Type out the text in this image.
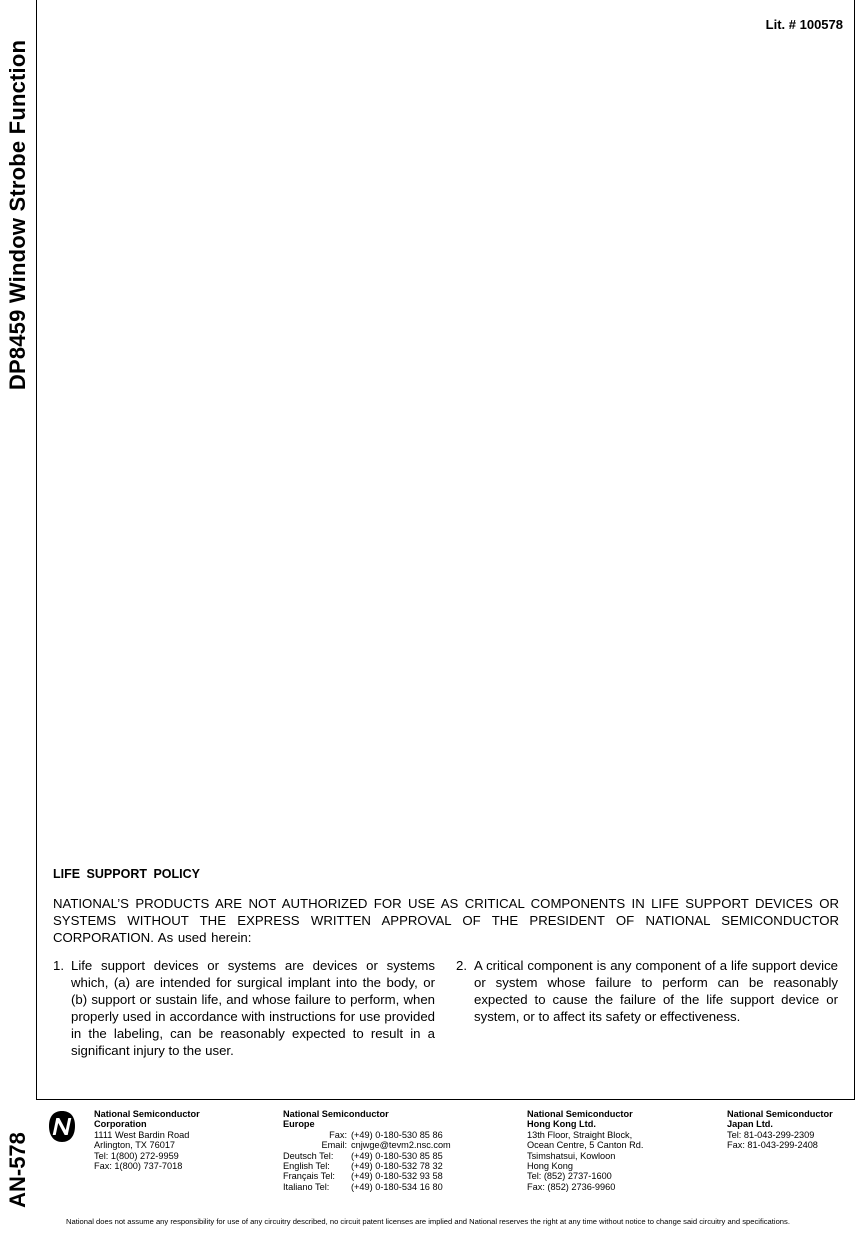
DP8459 Window Strobe Function
AN-578
Lit. # 100578
LIFE SUPPORT POLICY

NATIONAL’S PRODUCTS ARE NOT AUTHORIZED FOR USE AS CRITICAL COMPONENTS IN LIFE SUPPORT DEVICES OR SYSTEMS WITHOUT THE EXPRESS WRITTEN APPROVAL OF THE PRESIDENT OF NATIONAL SEMICONDUCTOR CORPORATION. As used herein:

1. Life support devices or systems are devices or systems which, (a) are intended for surgical implant into the body, or (b) support or sustain life, and whose failure to perform, when properly used in accordance with instructions for use provided in the labeling, can be reasonably expected to result in a significant injury to the user.
2. A critical component is any component of a life support device or system whose failure to perform can be reasonably expected to cause the failure of the life support device or system, or to affect its safety or effectiveness.
National Semiconductor
Corporation
1111 West Bardin Road
Arlington, TX 76017
Tel: 1(800) 272-9959
Fax: 1(800) 737-7018
National Semiconductor
Europe
Fax: (+49) 0-180-530 85 86
Email: cnjwge@tevm2.nsc.com
Deutsch Tel:	(+49) 0-180-530 85 85
English Tel:	(+49) 0-180-532 78 32
Français Tel:	(+49) 0-180-532 93 58
Italiano Tel:	(+49) 0-180-534 16 80
National Semiconductor
Hong Kong Ltd.
13th Floor, Straight Block,
Ocean Centre, 5 Canton Rd.
Tsimshatsui, Kowloon
Hong Kong
Tel: (852) 2737-1600
Fax: (852) 2736-9960
National Semiconductor
Japan Ltd.
Tel: 81-043-299-2309
Fax: 81-043-299-2408
National does not assume any responsibility for use of any circuitry described, no circuit patent licenses are implied and National reserves the right at any time without notice to change said circuitry and specifications.
